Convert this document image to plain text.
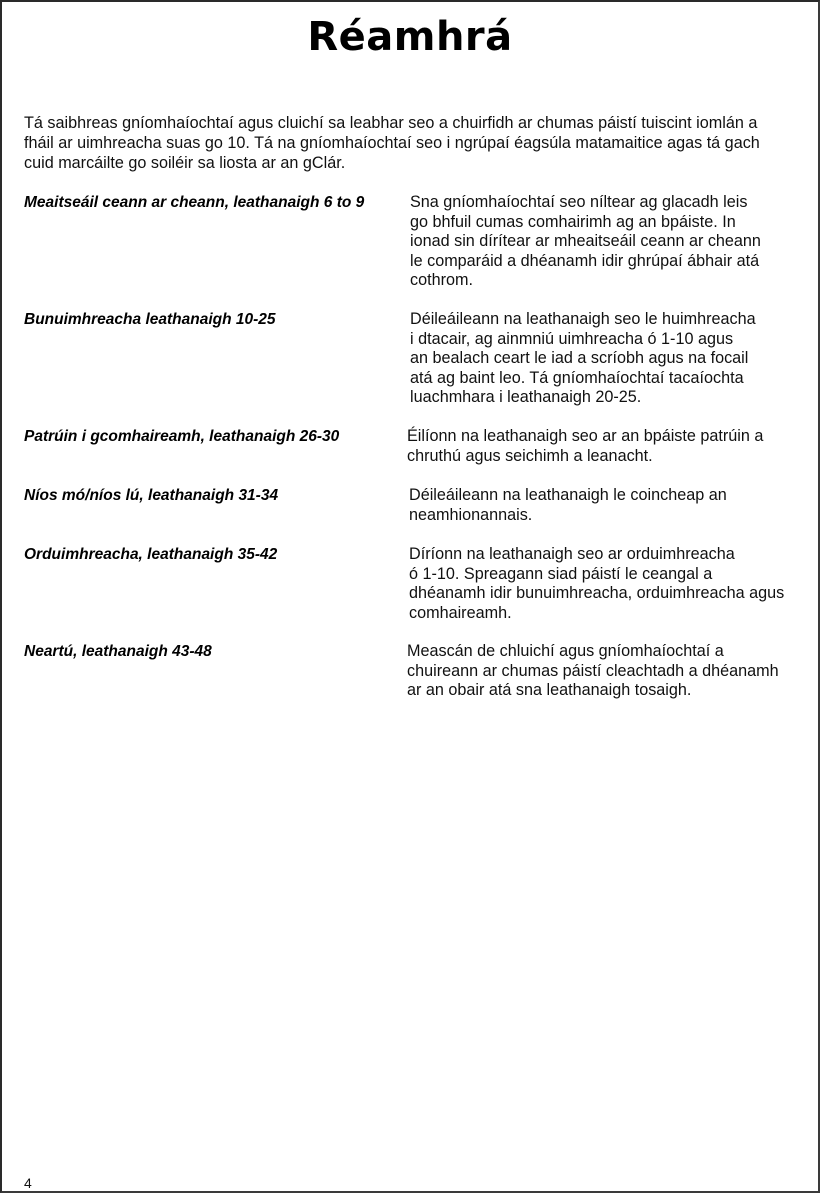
Réamhrá

Tá saibhreas gníomhaíochtaí agus cluichí sa leabhar seo a chuirfidh ar chumas páistí tuiscint iomlán a
fháil ar uimhreacha suas go 10. Tá na gníomhaíochtaí seo i ngrúpaí éagsúla matamaitice agas tá gach
cuid marcáilte go soiléir sa liosta ar an gClár.

Meaitseáil ceann ar cheann, leathanaigh 6 to 9	Sna gníomhaíochtaí seo níltear ag glacadh leis
go bhfuil cumas comhairimh ag an bpáiste. In
ionad sin dírítear ar mheaitseáil ceann ar cheann
le comparáid a dhéanamh idir ghrúpaí ábhair atá
cothrom.

Bunuimhreacha leathanaigh 10-25	Déileáileann na leathanaigh seo le huimhreacha
i dtacair, ag ainmniú uimhreacha ó 1-10 agus
an bealach ceart le iad a scríobh agus na focail
atá ag baint leo. Tá gníomhaíochtaí tacaíochta
luachmhara i leathanaigh 20-25.

Patrúin i gcomhaireamh, leathanaigh 26-30	Éilíonn na leathanaigh seo ar an bpáiste patrúin a
chruthú agus seichimh a leanacht.

Níos mó/níos lú, leathanaigh 31-34	Déileáileann na leathanaigh le coincheap an
neamhionannais.

Orduimhreacha, leathanaigh 35-42	Díríonn na leathanaigh seo ar orduimhreacha
ó 1-10. Spreagann siad páistí le ceangal a
dhéanamh idir bunuimhreacha, orduimhreacha agus
comhaireamh.

Neartú, leathanaigh 43-48	Meascán de chluichí agus gníomhaíochtaí a
chuireann ar chumas páistí cleachtadh a dhéanamh
ar an obair atá sna leathanaigh tosaigh.

4
